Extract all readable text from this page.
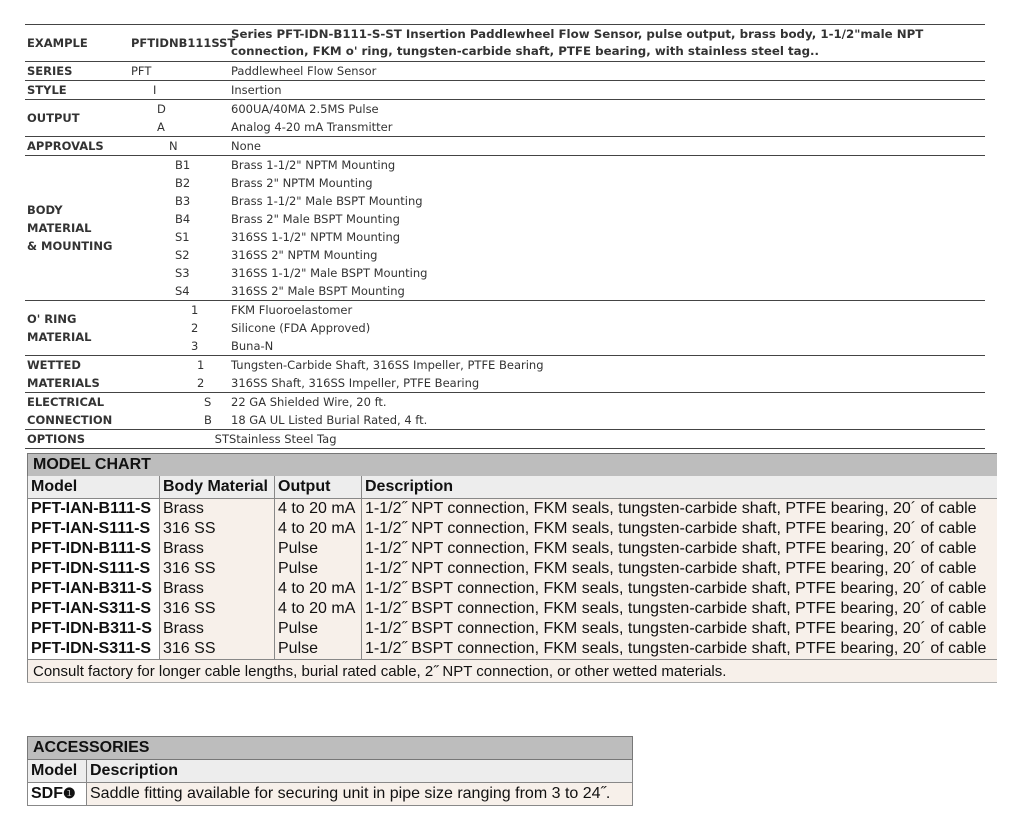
EXAMPLE	PFTIDNB111SST	Series PFT-IDN-B111-S-ST Insertion Paddlewheel Flow Sensor, pulse output, brass body, 1-1/2"male NPT connection, FKM o' ring, tungsten-carbide shaft, PTFE bearing, with stainless steel tag..
SERIES	PFT	Paddlewheel Flow Sensor
STYLE	I	Insertion
OUTPUT	D	600UA/40MA 2.5MS Pulse
	A	Analog 4-20 mA Transmitter
APPROVALS	N	None
BODY MATERIAL
& MOUNTING	B1	Brass 1-1/2" NPTM Mounting
	B2	Brass 2" NPTM Mounting
	B3	Brass 1-1/2" Male BSPT Mounting
	B4	Brass 2" Male BSPT Mounting
	S1	316SS 1-1/2" NPTM Mounting
	S2	316SS 2" NPTM Mounting
	S3	316SS 1-1/2" Male BSPT Mounting
	S4	316SS 2" Male BSPT Mounting
O' RING
MATERIAL	1	FKM Fluoroelastomer
	2	Silicone (FDA Approved)
	3	Buna-N
WETTED
MATERIALS	1	Tungsten-Carbide Shaft, 316SS Impeller, PTFE Bearing
	2	316SS Shaft, 316SS Impeller, PTFE Bearing
ELECTRICAL
CONNECTION	S	22 GA Shielded Wire, 20 ft.
	B	18 GA UL Listed Burial Rated, 4 ft.
OPTIONS	ST	Stainless Steel Tag
MODEL CHART			
Model	Body Material	Output	Description
PFT-IAN-B111-S	Brass	4 to 20 mA	1-1/2˝ NPT connection, FKM seals, tungsten-carbide shaft, PTFE bearing, 20´ of cable
PFT-IAN-S111-S	316 SS	4 to 20 mA	1-1/2˝ NPT connection, FKM seals, tungsten-carbide shaft, PTFE bearing, 20´ of cable
PFT-IDN-B111-S	Brass	Pulse	1-1/2˝ NPT connection, FKM seals, tungsten-carbide shaft, PTFE bearing, 20´ of cable
PFT-IDN-S111-S	316 SS	Pulse	1-1/2˝ NPT connection, FKM seals, tungsten-carbide shaft, PTFE bearing, 20´ of cable
PFT-IAN-B311-S	Brass	4 to 20 mA	1-1/2˝ BSPT connection, FKM seals, tungsten-carbide shaft, PTFE bearing, 20´ of cable
PFT-IAN-S311-S	316 SS	4 to 20 mA	1-1/2˝ BSPT connection, FKM seals, tungsten-carbide shaft, PTFE bearing, 20´ of cable
PFT-IDN-B311-S	Brass	Pulse	1-1/2˝ BSPT connection, FKM seals, tungsten-carbide shaft, PTFE bearing, 20´ of cable
PFT-IDN-S311-S	316 SS	Pulse	1-1/2˝ BSPT connection, FKM seals, tungsten-carbide shaft, PTFE bearing, 20´ of cable
Consult factory for longer cable lengths, burial rated cable, 2˝ NPT connection, or other wetted materials.			
ACCESSORIES	
Model	Description
SDF❶	Saddle fitting available for securing unit in pipe size ranging from 3 to 24˝.
